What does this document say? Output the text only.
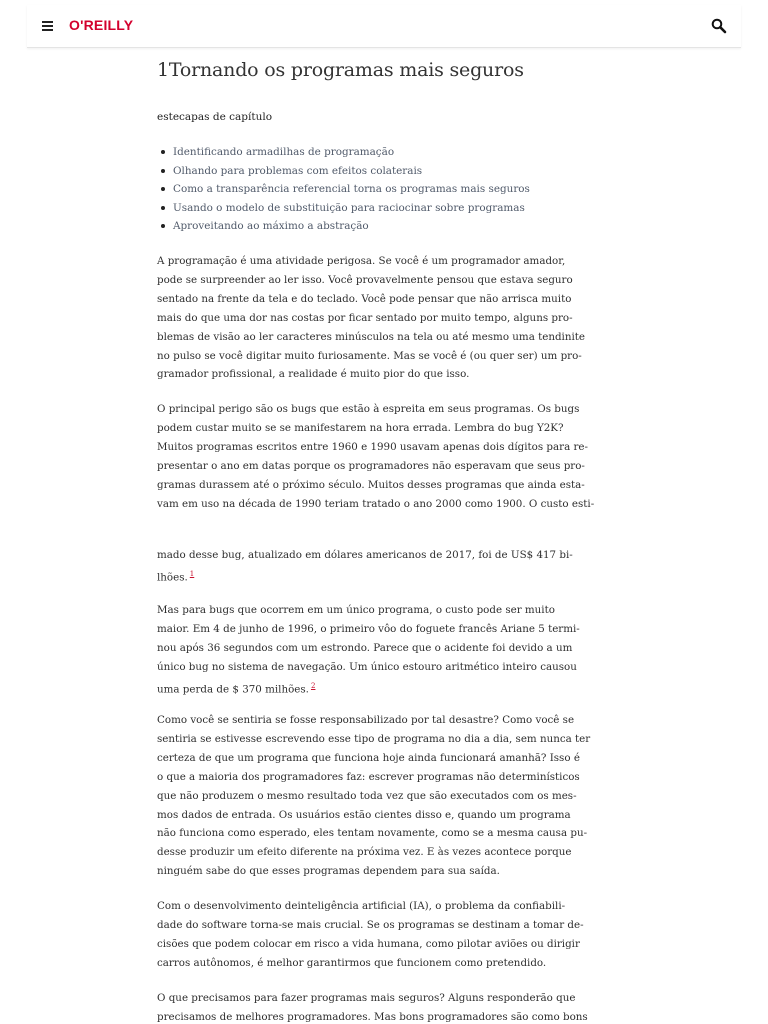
O'REILLY
1Tornando os programas mais seguros
estecapas de capítulo
Identificando armadilhas de programação
Olhando para problemas com efeitos colaterais
Como a transparência referencial torna os programas mais seguros
Usando o modelo de substituição para raciocinar sobre programas
Aproveitando ao máximo a abstração

A programação é uma atividade perigosa. Se você é um programador amador,
pode se surpreender ao ler isso. Você provavelmente pensou que estava seguro
sentado na frente da tela e do teclado. Você pode pensar que não arrisca muito
mais do que uma dor nas costas por ficar sentado por muito tempo, alguns pro-
blemas de visão ao ler caracteres minúsculos na tela ou até mesmo uma tendinite
no pulso se você digitar muito furiosamente. Mas se você é (ou quer ser) um pro-
gramador profissional, a realidade é muito pior do que isso.

O principal perigo são os bugs que estão à espreita em seus programas. Os bugs
podem custar muito se se manifestarem na hora errada. Lembra do bug Y2K?
Muitos programas escritos entre 1960 e 1990 usavam apenas dois dígitos para re-
presentar o ano em datas porque os programadores não esperavam que seus pro-
gramas durassem até o próximo século. Muitos desses programas que ainda esta-
vam em uso na década de 1990 teriam tratado o ano 2000 como 1900. O custo esti-

mado desse bug, atualizado em dólares americanos de 2017, foi de US$ 417 bi-
lhões. $^1$

Mas para bugs que ocorrem em um único programa, o custo pode ser muito
maior. Em 4 de junho de 1996, o primeiro vôo do foguete francês Ariane 5 termi-
nou após 36 segundos com um estrondo. Parece que o acidente foi devido a um
único bug no sistema de navegação. Um único estouro aritmético inteiro causou
uma perda de $ 370 milhões. $^2$

Como você se sentiria se fosse responsabilizado por tal desastre? Como você se
sentiria se estivesse escrevendo esse tipo de programa no dia a dia, sem nunca ter
certeza de que um programa que funciona hoje ainda funcionará amanhã? Isso é
o que a maioria dos programadores faz: escrever programas não determinísticos
que não produzem o mesmo resultado toda vez que são executados com os mes-
mos dados de entrada. Os usuários estão cientes disso e, quando um programa
não funciona como esperado, eles tentam novamente, como se a mesma causa pu-
desse produzir um efeito diferente na próxima vez. E às vezes acontece porque
ninguém sabe do que esses programas dependem para sua saída.

Com o desenvolvimento deinteligência artificial (IA), o problema da confiabili-
dade do software torna-se mais crucial. Se os programas se destinam a tomar de-
cisões que podem colocar em risco a vida humana, como pilotar aviões ou dirigir
carros autônomos, é melhor garantirmos que funcionem como pretendido.

O que precisamos para fazer programas mais seguros? Alguns responderão que
precisamos de melhores programadores. Mas bons programadores são como bons
